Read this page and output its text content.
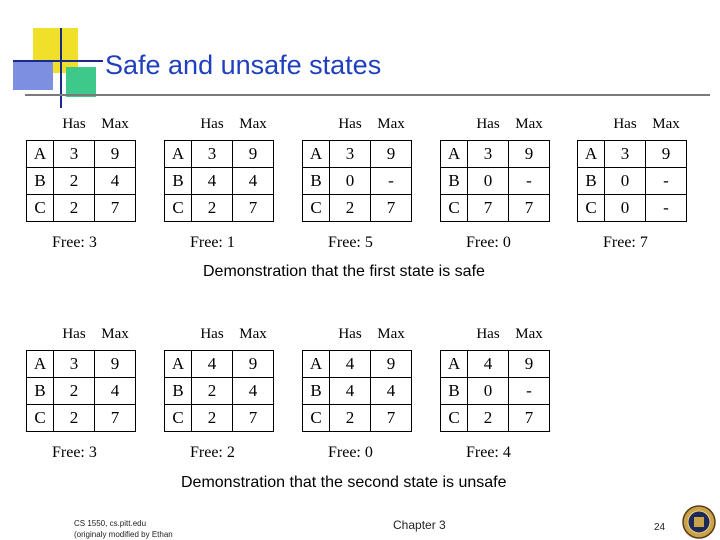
Safe and unsafe states
	Has	Max
A	3	9
B	2	4
C	2	7
Free: 3
	Has	Max
A	3	9
B	4	4
C	2	7
Free: 1
	Has	Max
A	3	9
B	0	-
C	2	7
Free: 5
	Has	Max
A	3	9
B	0	-
C	7	7
Free: 0
	Has	Max
A	3	9
B	0	-
C	0	-
Free: 7
	Has	Max
A	3	9
B	2	4
C	2	7
Free: 3
	Has	Max
A	4	9
B	2	4
C	2	7
Free: 2
	Has	Max
A	4	9
B	4	4
C	2	7
Free: 0
	Has	Max
A	4	9
B	0	-
C	2	7
Free: 4
Demonstration that the first state is safe
Demonstration that the second state is unsafe
CS 1550, cs.pitt.edu
(originaly modified by Ethan
Chapter 3	24
